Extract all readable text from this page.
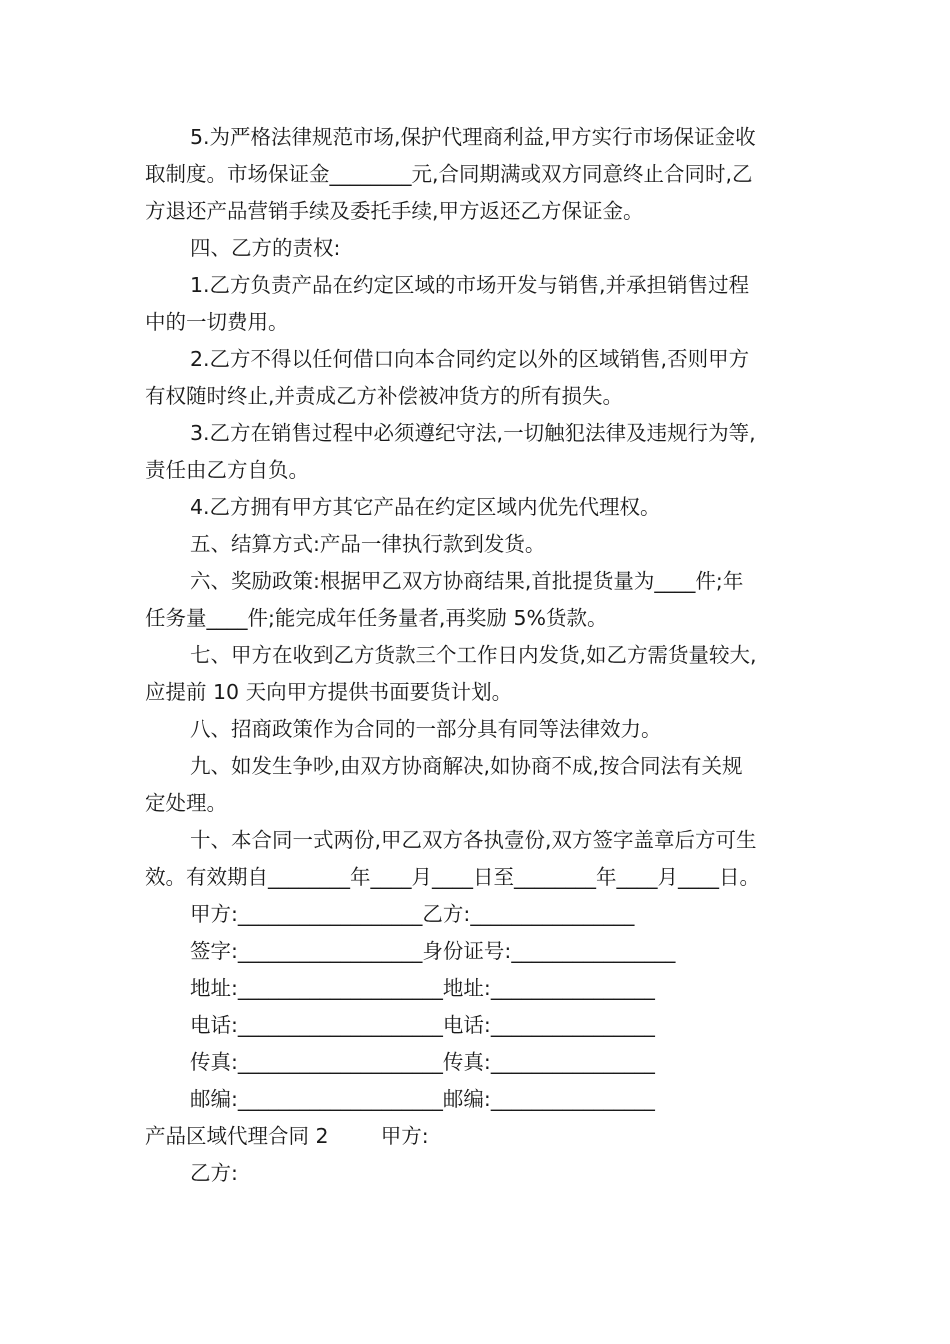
5.为严格法律规范市场,保护代理商利益,甲方实行市场保证金收

取制度。市场保证金________元,合同期满或双方同意终止合同时,乙

方退还产品营销手续及委托手续,甲方返还乙方保证金。

四、乙方的责权:

1.乙方负责产品在约定区域的市场开发与销售,并承担销售过程

中的一切费用。

2.乙方不得以任何借口向本合同约定以外的区域销售,否则甲方

有权随时终止,并责成乙方补偿被冲货方的所有损失。

3.乙方在销售过程中必须遵纪守法,一切触犯法律及违规行为等,

责任由乙方自负。

4.乙方拥有甲方其它产品在约定区域内优先代理权。

五、结算方式:产品一律执行款到发货。

六、奖励政策:根据甲乙双方协商结果,首批提货量为____件;年

任务量____件;能完成年任务量者,再奖励 5%货款。

七、甲方在收到乙方货款三个工作日内发货,如乙方需货量较大,

应提前 10 天向甲方提供书面要货计划。

八、招商政策作为合同的一部分具有同等法律效力。

九、如发生争吵,由双方协商解决,如协商不成,按合同法有关规

定处理。

十、本合同一式两份,甲乙双方各执壹份,双方签字盖章后方可生

效。有效期自________年____月____日至________年____月____日。

甲方:__________________乙方:________________

签字:__________________身份证号:________________

地址:____________________地址:________________

电话:____________________电话:________________

传真:____________________传真:________________

邮编:____________________邮编:________________

产品区域代理合同 2        甲方:

乙方:
